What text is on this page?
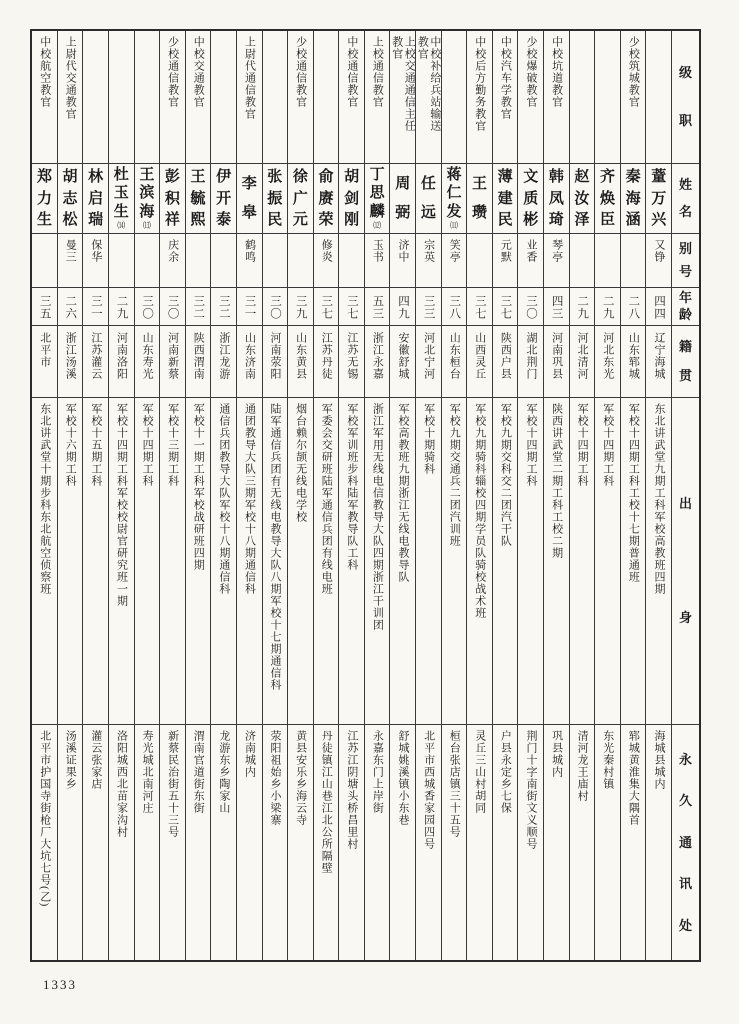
级
职
姓
名
别
号
年
龄
籍
贯
出
身
永
久
通
讯
处
蕫
万
兴
又铮
四四
辽宁海城
东北讲武堂九期工科军校高教班四期
海城县城内
少校筑城教官
秦
海
涵
二八
山东郓城
军校十四期工科工校十七期普通班
郓城黄淮集大隅首
齐
焕
臣
二九
河北东光
军校十四期工科
东光秦村镇
赵
汝
泽
二九
河北清河
军校十四期工科
清河龙王庙村
中校坑道教官
韩
凤
琦
琴亭
四三
河南巩县
陕西讲武堂二期工科工校二期
巩县城内
少校爆破教官
文
质
彬
业香
三〇
湖北荆门
军校十四期工科
荆门十字南街文义顺号
中校汽车学教官
薄
建
民
元默
三七
陕西户县
军校九期交科交二团汽干队
户县永定乡七保
中校后方勤务教官
王
瓒
三七
山西灵丘
军校九期骑科辎校四期学员队骑校战术班
灵丘三山村胡同
蒋
仁
发
⑾
笑亭
三八
山东桓台
军校九期交通兵二团汽训班
桓台张店镇三十五号
中校补给兵站输送教官
任
远
宗英
三三
河北宁河
军校十期骑科
北平市西城香家园四号
上校交通通信主任教官
周
弼
济中
四九
安徽舒城
军校高教班九期浙江无线电教导队
舒城姚溪镇小东巷
上校通信教官
丁
思
麟
⑿
玉书
五三
浙江永嘉
浙江军用无线电信教导大队四期浙江干训团
永嘉东门上岸街
中校通信教官
胡
剑
刚
三七
江苏无锡
军校军训班步科陆军教导队工科
江苏江阴塘头桥昌里村
俞
赓
荣
修炎
三七
江苏丹徒
军委会交研班陆军通信兵团有线电班
丹徒镇江山巷江北公所隔壁
少校通信教官
徐
广
元
三九
山东黄县
烟台赖尔颉无线电学校
黄县安乐乡海云寺
张
振
民
三〇
河南荥阳
陆军通信兵团有无线电教导大队八期军校十七期通信科
荥阳祖始乡小梁寨
上尉代通信教官
李
皋
鹤鸣
三一
山东济南
通团教导大队三期军校十八期通信科
济南城内
伊
开
泰
三二
浙江龙游
通信兵团教导大队军校十八期通信科
龙游东乡陶家山
中校交通教官
王
毓
熙
三二
陕西渭南
军校十一期工科军校战研班四期
渭南官道街东街
少校通信教官
彭
积
祥
庆余
三〇
河南新蔡
军校十三期工科
新蔡民治街五十三号
王
滨
海
⒀
三〇
山东寿光
军校十四期工科
寿光城北南河庄
杜
玉
生
⒁
二九
河南洛阳
军校十四期工科军校校尉官研究班一期
洛阳城西北苗家沟村
林
启
瑞
保华
三一
江苏灌云
军校十五期工科
灌云张家店
上尉代交通教官
胡
志
松
曼三
二六
浙江汤溪
军校十六期工科
汤溪证果乡
中校航空教官
郑
力
生
三五
北平市
东北讲武堂十期步科东北航空侦察班
北平市护国寺街枪厂大坑七号(乙)
1333
